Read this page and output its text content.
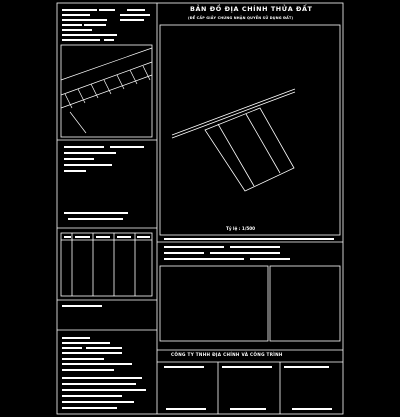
BẢN ĐỒ ĐỊA CHÍNH THỬA ĐẤT
(ĐỂ CẤP GIẤY CHỨNG NHẬN QUYỀN SỬ DỤNG ĐẤT)
Tỷ lệ : 1/500
CÔNG TY TNHH ĐỊA CHÍNH VÀ CÔNG TRÌNH
